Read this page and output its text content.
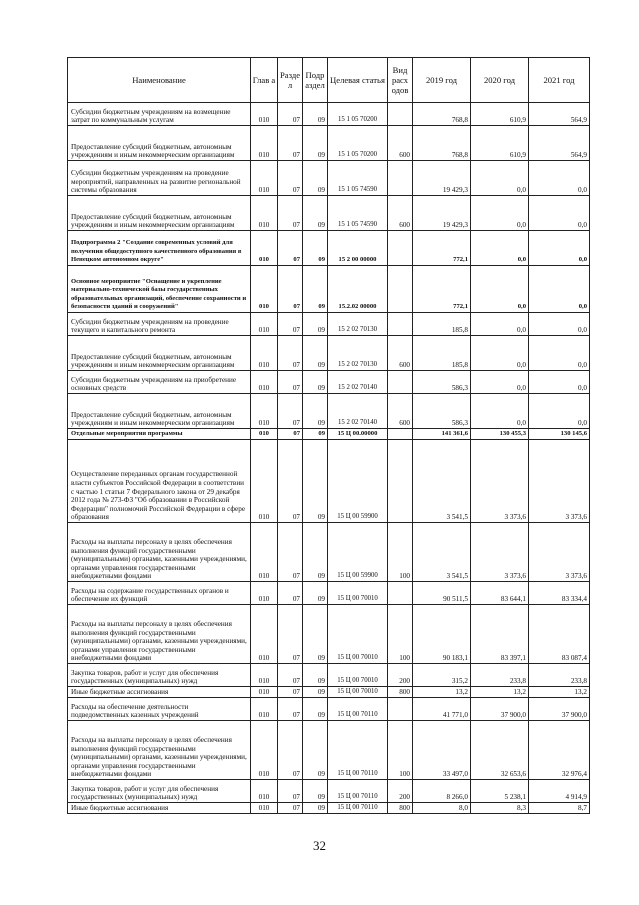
Наименование	Глав а	Разде л	Подр аздел	Целевая статья	Вид расх одов	2019 год	2020 год	2021 год
Субсидии бюджетным учреждениям на возмещение затрат по коммунальным услугам	010	07	09	15 1 05 70200		768,8	610,9	564,9
Предоставление субсидий бюджетным, автономным учреждениям и иным некоммерческим организациям	010	07	09	15 1 05 70200	600	768,8	610,9	564,9
Субсидии бюджетным учреждениям на проведение мероприятий, направленных на развитие региональной системы образования	010	07	09	15 1 05 74590		19 429,3	0,0	0,0
Предоставление субсидий бюджетным, автономным учреждениям и иным некоммерческим организациям	010	07	09	15 1 05 74590	600	19 429,3	0,0	0,0
Подпрограмма 2 "Создание современных условий для получения общедоступного качественного образования в Ненецком автономном округе"	010	07	09	15 2 00 00000		772,1	0,0	0,0
Основное мероприятие "Оснащение и укрепление материально-технической базы государственных образовательных организаций, обеспечение сохранности и безопасности зданий и сооружений"	010	07	09	15.2.02 00000		772,1	0,0	0,0
Субсидии бюджетным учреждениям на проведение текущего и капитального ремонта	010	07	09	15 2 02 70130		185,8	0,0	0,0
Предоставление субсидий бюджетным, автономным учреждениям и иным некоммерческим организациям	010	07	09	15 2 02 70130	600	185,8	0,0	0,0
Субсидии бюджетным учреждениям на приобретение основных средств	010	07	09	15 2 02 70140		586,3	0,0	0,0
Предоставление субсидий бюджетным, автономным учреждениям и иным некоммерческим организациям	010	07	09	15 2 02 70140	600	586,3	0,0	0,0
Отдельные мероприятия программы	010	07	09	15 Ц 00.00000		141 361,6	130 455,3	130 145,6
Осуществление переданных органам государственной власти субъектов Российской Федерации в соответствии с частью 1 статьи 7 Федерального закона от 29 декабря 2012 года № 273-ФЗ "Об образовании в Российской Федерации" полномочий Российской Федерации в сфере образования	010	07	09	15 Ц 00 59900		3 541,5	3 373,6	3 373,6
Расходы на выплаты персоналу в целях обеспечения выполнения функций государственными (муниципальными) органами, казенными учреждениями, органами управления государственными внебюджетными фондами	010	07	09	15 Ц 00 59900	100	3 541,5	3 373,6	3 373,6
Расходы на содержание государственных органов и обеспечение их функций	010	07	09	15 Ц 00 70010		90 511,5	83 644,1	83 334,4
Расходы на выплаты персоналу в целях обеспечения выполнения функций государственными (муниципальными) органами, казенными учреждениями, органами управления государственными внебюджетными фондами	010	07	09	15 Ц 00 70010	100	90 183,1	83 397,1	83 087,4
Закупка товаров, работ и услуг для обеспечения государственных (муниципальных) нужд	010	07	09	15 Ц 00 70010	200	315,2	233,8	233,8
Иные бюджетные ассигнования	010	07	09	15 Ц 00 70010	800	13,2	13,2	13,2
Расходы на обеспечение деятельности подведомственных казенных учреждений	010	07	09	15 Ц 00 70110		41 771,0	37 900,0	37 900,0
Расходы на выплаты персоналу в целях обеспечения выполнения функций государственными (муниципальными) органами, казенными учреждениями, органами управления государственными внебюджетными фондами	010	07	09	15 Ц 00 70110	100	33 497,0	32 653,6	32 976,4
Закупка товаров, работ и услуг для обеспечения государственных (муниципальных) нужд	010	07	09	15 Ц 00 70110	200	8 266,0	5 238,1	4 914,9
Иные бюджетные ассигнования	010	07	09	15 Ц 00 70110	800	8,0	8,3	8,7
32
